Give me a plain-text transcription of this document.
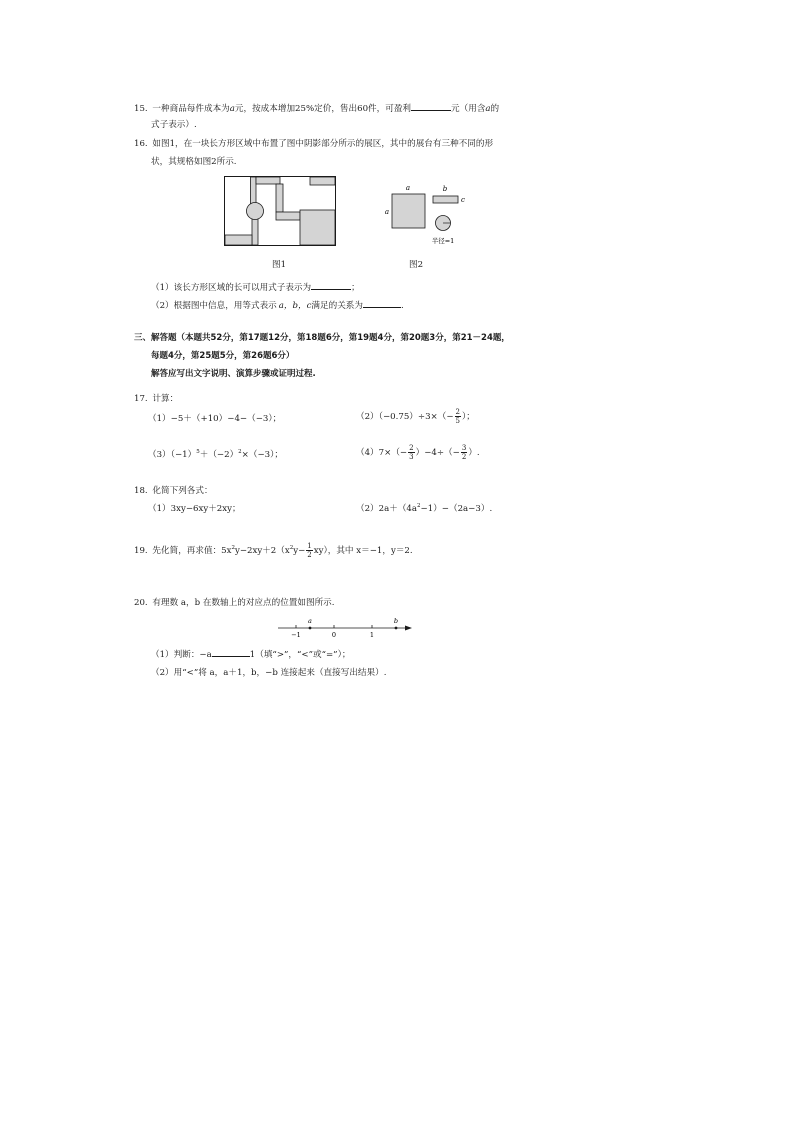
15. 一种商品每件成本为a元，按成本增加25%定价，售出60件，可盈利	元（用含a的
式子表示）.
16. 如图1，在一块长方形区域中布置了图中阴影部分所示的展区，其中的展台有三种不同的形
状，其规格如图2所示.
a
a
b
c
半径=1
图1	图2
（1）该长方形区域的长可以用式子表示为	；
（2）根据图中信息，用等式表示 a，b，c满足的关系为	.
三、解答题（本题共52分，第17题12分，第18题6分，第19题4分，第20题3分，第21－24题，
每题4分，第25题5分，第26题6分）
解答应写出文字说明、演算步骤或证明过程.
17. 计算：
（1）−5＋（+10）−4−（−3）；	$(2)(-0.75)\div 3\times(- \frac{2}{5}$ ）；
$(3)(-1)^5+(-2)^2\times(-3)$；	$(4)7\times(- \frac{2}{3} )-4\div(- \frac{3}{2}$ ）.
18. 化简下列各式：
（1）3xy−6xy＋2xy；	$(2)2a+(4a^2-1)-(2a-3)$.
19. 先化简，再求值：$5x^2y-2xy+2(x^2y- \frac{1}{2} xy)$，其中 x＝−1，y＝2.
20. 有理数 a，b 在数轴上的对应点的位置如图所示.
a	b
−1	0	1
（1）判断：−a	1（填“>”，“<”或“=”）；
（2）用“<”将 a，a＋1，b，−b 连接起来（直接写出结果）.
